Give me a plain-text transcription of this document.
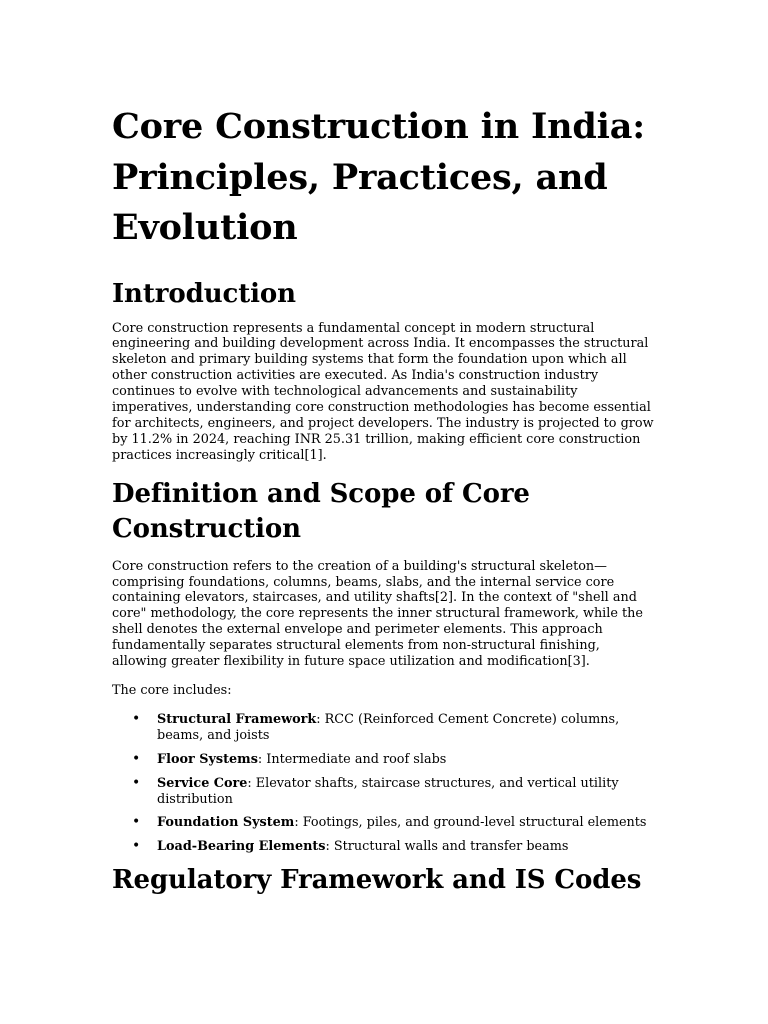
Core Construction in India: Principles, Practices, and Evolution
Introduction

Core construction represents a fundamental concept in modern structural engineering and building development across India. It encompasses the structural skeleton and primary building systems that form the foundation upon which all other construction activities are executed. As India's construction industry continues to evolve with technological advancements and sustainability imperatives, understanding core construction methodologies has become essential for architects, engineers, and project developers. The industry is projected to grow by 11.2% in 2024, reaching INR 25.31 trillion, making efficient core construction practices increasingly critical[1].

Definition and Scope of Core Construction

Core construction refers to the creation of a building's structural skeleton—comprising foundations, columns, beams, slabs, and the internal service core containing elevators, staircases, and utility shafts[2]. In the context of "shell and core" methodology, the core represents the inner structural framework, while the shell denotes the external envelope and perimeter elements. This approach fundamentally separates structural elements from non-structural finishing, allowing greater flexibility in future space utilization and modification[3].

The core includes:

• Structural Framework: RCC (Reinforced Cement Concrete) columns, beams, and joists
• Floor Systems: Intermediate and roof slabs
• Service Core: Elevator shafts, staircase structures, and vertical utility distribution
• Foundation System: Footings, piles, and ground-level structural elements
• Load-Bearing Elements: Structural walls and transfer beams
Regulatory Framework and IS Codes
